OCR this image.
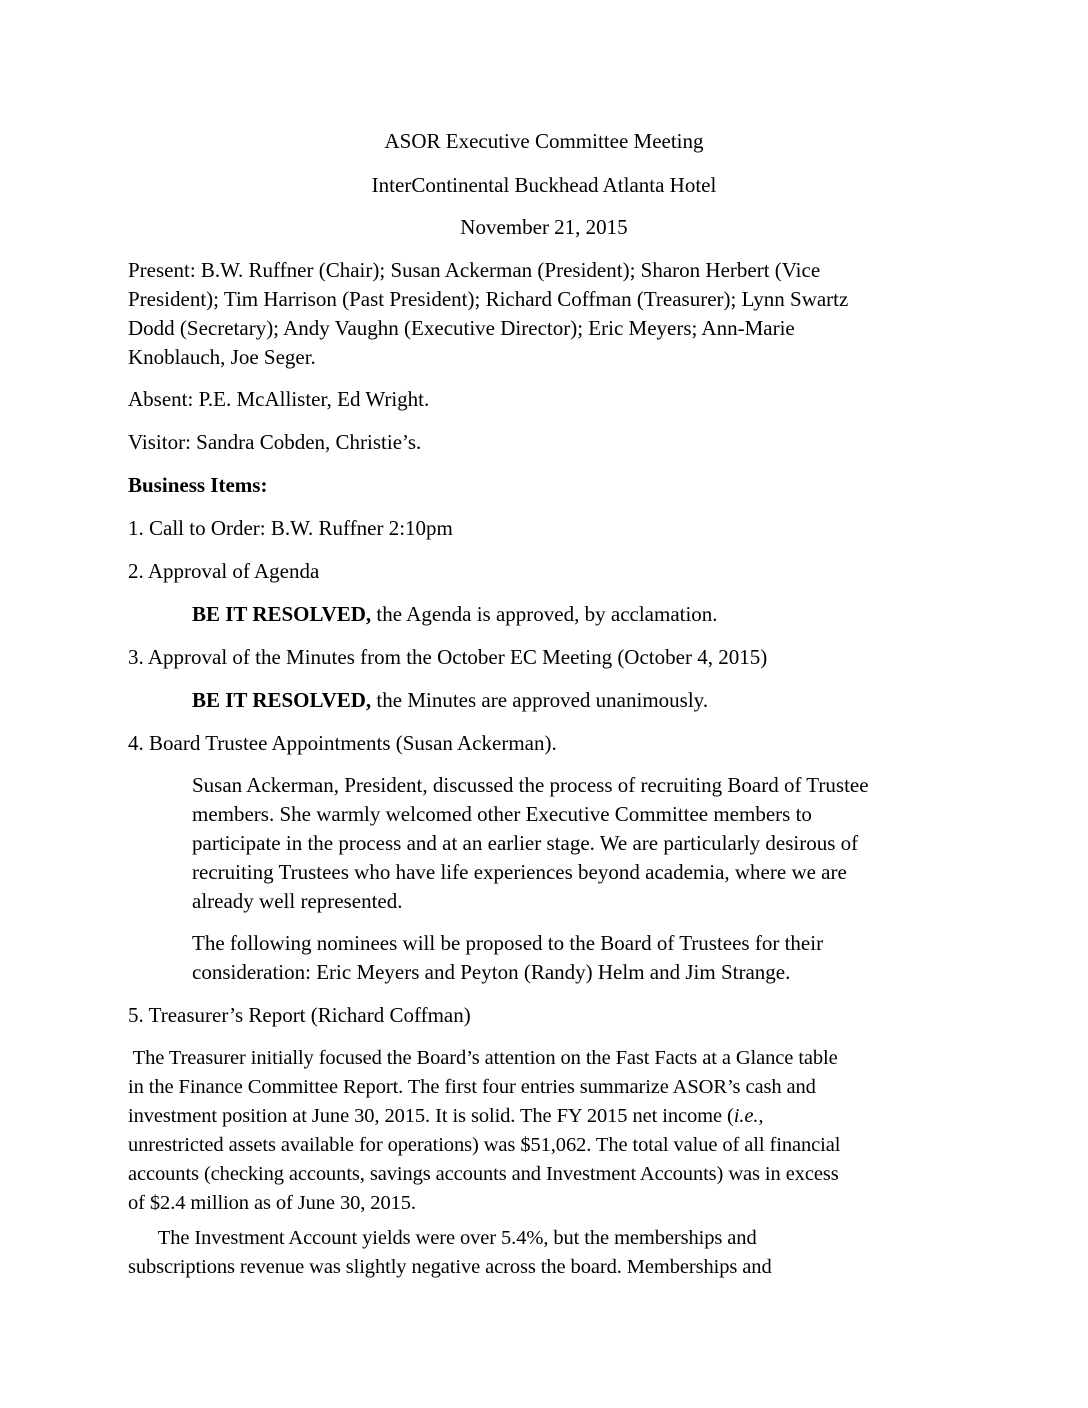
ASOR Executive Committee Meeting
InterContinental Buckhead Atlanta Hotel
November 21, 2015
Present: B.W. Ruffner (Chair); Susan Ackerman (President); Sharon Herbert (Vice
President); Tim Harrison (Past President); Richard Coffman (Treasurer); Lynn Swartz
Dodd (Secretary); Andy Vaughn (Executive Director); Eric Meyers; Ann-Marie
Knoblauch, Joe Seger.
Absent: P.E. McAllister, Ed Wright.
Visitor: Sandra Cobden, Christie’s.
Business Items:
1. Call to Order: B.W. Ruffner 2:10pm
2. Approval of Agenda
BE IT RESOLVED, the Agenda is approved, by acclamation.
3. Approval of the Minutes from the October EC Meeting (October 4, 2015)
BE IT RESOLVED, the Minutes are approved unanimously.
4. Board Trustee Appointments (Susan Ackerman).
Susan Ackerman, President, discussed the process of recruiting Board of Trustee
members. She warmly welcomed other Executive Committee members to
participate in the process and at an earlier stage. We are particularly desirous of
recruiting Trustees who have life experiences beyond academia, where we are
already well represented.
The following nominees will be proposed to the Board of Trustees for their
consideration: Eric Meyers and Peyton (Randy) Helm and Jim Strange.
5. Treasurer’s Report (Richard Coffman)
The Treasurer initially focused the Board’s attention on the Fast Facts at a Glance table
in the Finance Committee Report. The first four entries summarize ASOR’s cash and
investment position at June 30, 2015. It is solid. The FY 2015 net income (i.e.,
unrestricted assets available for operations) was $51,062. The total value of all financial
accounts (checking accounts, savings accounts and Investment Accounts) was in excess
of $2.4 million as of June 30, 2015.
The Investment Account yields were over 5.4%, but the memberships and
subscriptions revenue was slightly negative across the board. Memberships and
